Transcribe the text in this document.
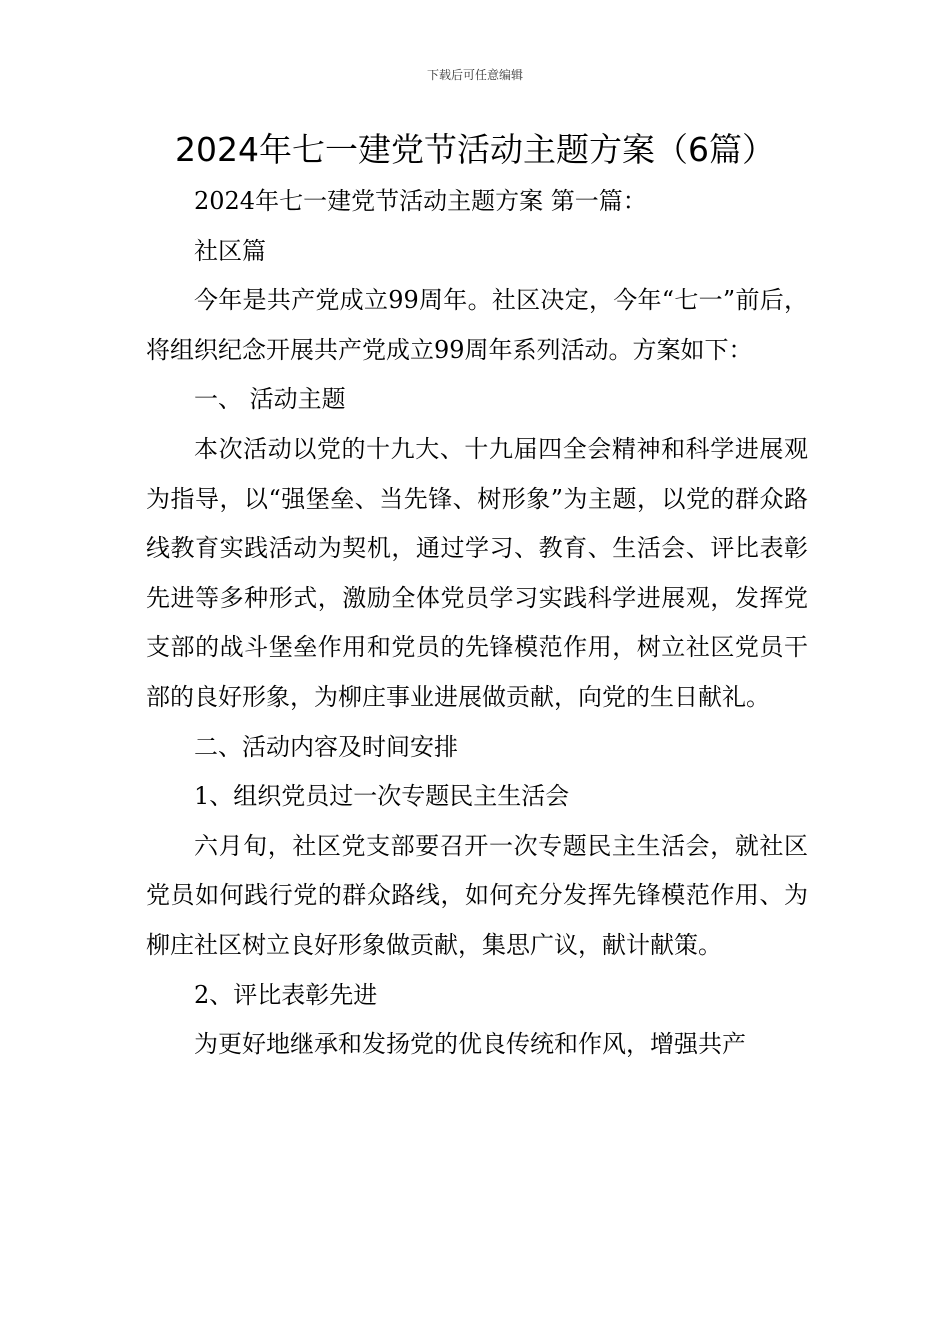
下载后可任意编辑
2024年七一建党节活动主题方案（6篇）

2024年七一建党节活动主题方案 第一篇：

社区篇

今年是共产党成立99周年。社区决定，今年“七一”前后，将组织纪念开展共产党成立99周年系列活动。方案如下：

一、 活动主题

本次活动以党的十九大、十九届四全会精神和科学进展观为指导，以“强堡垒、当先锋、树形象”为主题，以党的群众路线教育实践活动为契机，通过学习、教育、生活会、评比表彰先进等多种形式，激励全体党员学习实践科学进展观，发挥党支部的战斗堡垒作用和党员的先锋模范作用，树立社区党员干部的良好形象，为柳庄事业进展做贡献，向党的生日献礼。

二、活动内容及时间安排

1、组织党员过一次专题民主生活会

六月旬，社区党支部要召开一次专题民主生活会，就社区党员如何践行党的群众路线，如何充分发挥先锋模范作用、为柳庄社区树立良好形象做贡献，集思广议，献计献策。

2、评比表彰先进

为更好地继承和发扬党的优良传统和作风，增强共产
